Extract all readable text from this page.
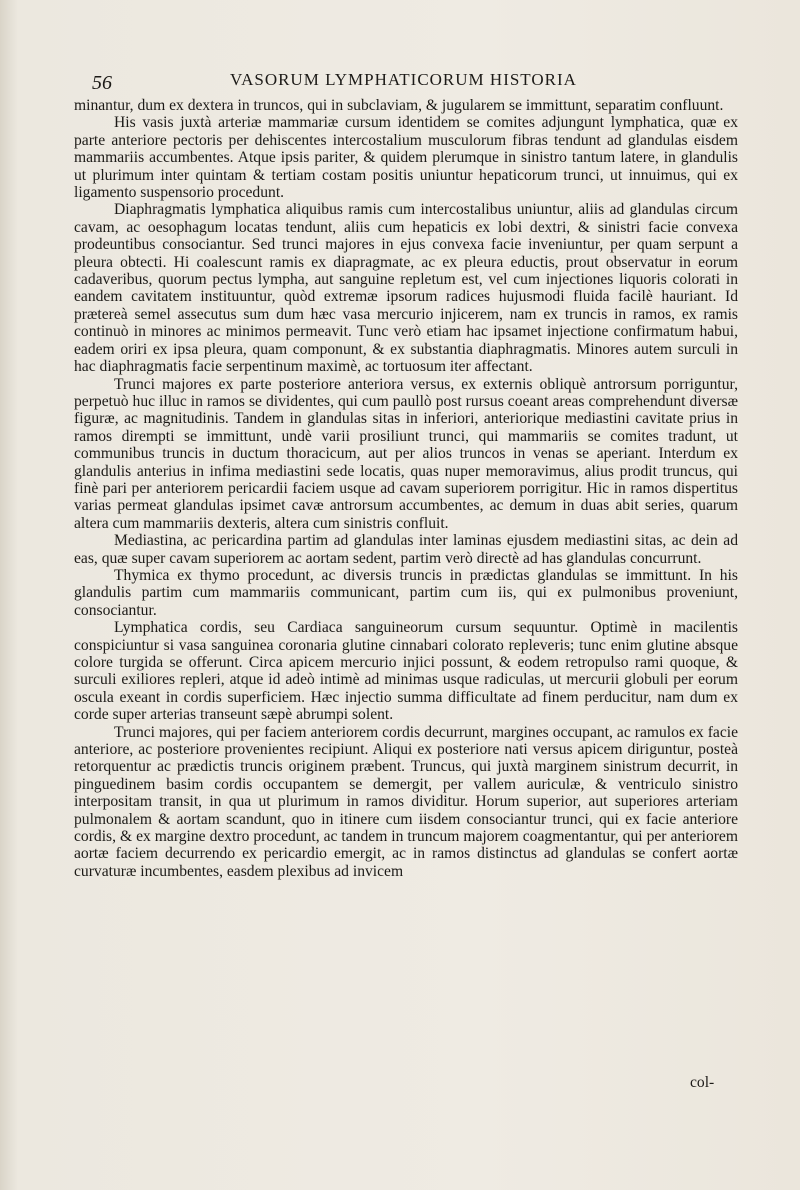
56	VASORUM LYMPHATICORUM HISTORIA

minantur, dum ex dextera in truncos, qui in subclaviam, & jugularem se immittunt, separatim confluunt.

His vasis juxtà arteriæ mammariæ cursum identidem se comites adjungunt lymphatica, quæ ex parte anteriore pectoris per dehiscentes intercostalium musculorum fibras tendunt ad glandulas eisdem mammariis accumbentes. Atque ipsis pariter, & quidem plerumque in sinistro tantum latere, in glandulis ut plurimum inter quintam & tertiam costam positis uniuntur hepaticorum trunci, ut innuimus, qui ex ligamento suspensorio procedunt.

Diaphragmatis lymphatica aliquibus ramis cum intercostalibus uniuntur, aliis ad glandulas circum cavam, ac oesophagum locatas tendunt, aliis cum hepaticis ex lobi dextri, & sinistri facie convexa prodeuntibus consociantur. Sed trunci majores in ejus convexa facie inveniuntur, per quam serpunt a pleura obtecti. Hi coalescunt ramis ex diapragmate, ac ex pleura eductis, prout observatur in eorum cadaveribus, quorum pectus lympha, aut sanguine repletum est, vel cum injectiones liquoris colorati in eandem cavitatem instituuntur, quòd extremæ ipsorum radices hujusmodi fluida facilè hauriant. Id prætereà semel assecutus sum dum hæc vasa mercurio injicerem, nam ex truncis in ramos, ex ramis continuò in minores ac minimos permeavit. Tunc verò etiam hac ipsamet injectione confirmatum habui, eadem oriri ex ipsa pleura, quam componunt, & ex substantia diaphragmatis. Minores autem surculi in hac diaphragmatis facie serpentinum maximè, ac tortuosum iter affectant.

Trunci majores ex parte posteriore anteriora versus, ex externis obliquè antrorsum porriguntur, perpetuò huc illuc in ramos se dividentes, qui cum paullò post rursus coeant areas comprehendunt diversæ figuræ, ac magnitudinis. Tandem in glandulas sitas in inferiori, anteriorique mediastini cavitate prius in ramos dirempti se immittunt, undè varii prosiliunt trunci, qui mammariis se comites tradunt, ut communibus truncis in ductum thoracicum, aut per alios truncos in venas se aperiant. Interdum ex glandulis anterius in infima mediastini sede locatis, quas nuper memoravimus, alius prodit truncus, qui finè pari per anteriorem pericardii faciem usque ad cavam superiorem porrigitur. Hic in ramos dispertitus varias permeat glandulas ipsimet cavæ antrorsum accumbentes, ac demum in duas abit series, quarum altera cum mammariis dexteris, altera cum sinistris confluit.

Mediastina, ac pericardina partim ad glandulas inter laminas ejusdem mediastini sitas, ac dein ad eas, quæ super cavam superiorem ac aortam sedent, partim verò directè ad has glandulas concurrunt.

Thymica ex thymo procedunt, ac diversis truncis in prædictas glandulas se immittunt. In his glandulis partim cum mammariis communicant, partim cum iis, qui ex pulmonibus proveniunt, consociantur.

Lymphatica cordis, seu Cardiaca sanguineorum cursum sequuntur. Optimè in macilentis conspiciuntur si vasa sanguinea coronaria glutine cinnabari colorato repleveris; tunc enim glutine absque colore turgida se offerunt. Circa apicem mercurio injici possunt, & eodem retropulso rami quoque, & surculi exiliores repleri, atque id adeò intimè ad minimas usque radiculas, ut mercurii globuli per eorum oscula exeant in cordis superficiem. Hæc injectio summa difficultate ad finem perducitur, nam dum ex corde super arterias transeunt sæpè abrumpi solent.

Trunci majores, qui per faciem anteriorem cordis decurrunt, margines occupant, ac ramulos ex facie anteriore, ac posteriore provenientes recipiunt. Aliqui ex posteriore nati versus apicem diriguntur, posteà retorquentur ac prædictis truncis originem præbent. Truncus, qui juxtà marginem sinistrum decurrit, in pinguedinem basim cordis occupantem se demergit, per vallem auriculæ, & ventriculo sinistro interpositam transit, in qua ut plurimum in ramos dividitur. Horum superior, aut superiores arteriam pulmonalem & aortam scandunt, quo in itinere cum iisdem consociantur trunci, qui ex facie anteriore cordis, & ex margine dextro procedunt, ac tandem in truncum majorem coagmentantur, qui per anteriorem aortæ faciem decurrendo ex pericardio emergit, ac in ramos distinctus ad glandulas se confert aortæ curvaturæ incumbentes, easdem plexibus ad invicem

col-
